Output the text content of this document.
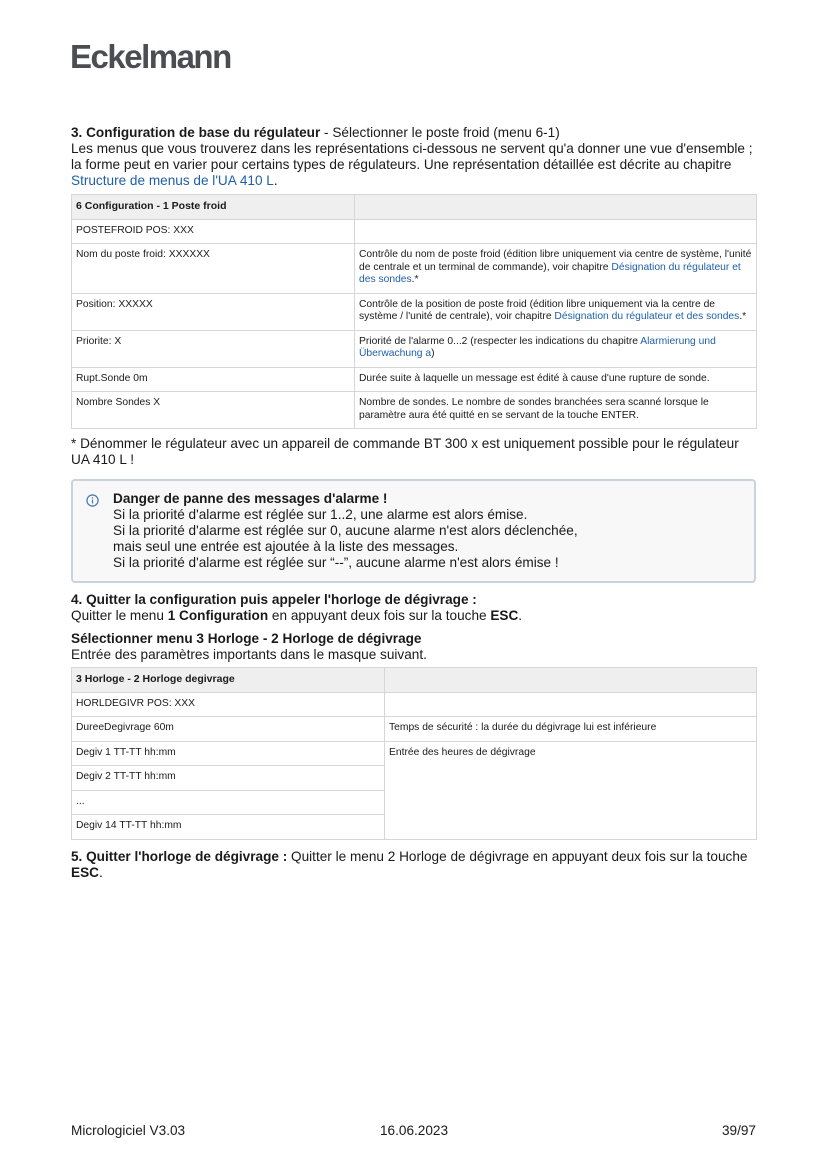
Eckelmann

3. Configuration de base du régulateur - Sélectionner le poste froid (menu 6-1)
Les menus que vous trouverez dans les représentations ci-dessous ne servent qu'a donner une vue d'ensemble ; la forme peut en varier pour certains types de régulateurs. Une représentation détaillée est décrite au chapitre Structure de menus de l'UA 410 L.

6 Configuration - 1 Poste froid	
POSTEFROID POS: XXX	
Nom du poste froid: XXXXXX	Contrôle du nom de poste froid (édition libre uniquement via centre de système, l'unité de centrale et un terminal de commande), voir chapitre Désignation du régulateur et des sondes.*
Position: XXXXX	Contrôle de la position de poste froid (édition libre uniquement via la centre de système / l'unité de centrale), voir chapitre Désignation du régulateur et des sondes.*
Priorite: X	Priorité de l'alarme 0...2 (respecter les indications du chapitre Alarmierung und Überwachung a)
Rupt.Sonde 0m	Durée suite à laquelle un message est édité à cause d'une rupture de sonde.
Nombre Sondes X	Nombre de sondes. Le nombre de sondes branchées sera scanné lorsque le paramètre aura été quitté en se servant de la touche ENTER.

* Dénommer le régulateur avec un appareil de commande BT 300 x est uniquement possible pour le régulateur UA 410 L !

Danger de panne des messages d'alarme !
Si la priorité d'alarme est réglée sur 1..2, une alarme est alors émise.
Si la priorité d'alarme est réglée sur 0, aucune alarme n'est alors déclenchée,
mais seul une entrée est ajoutée à la liste des messages.
Si la priorité d'alarme est réglée sur “--”, aucune alarme n'est alors émise !

4. Quitter la configuration puis appeler l'horloge de dégivrage :
Quitter le menu 1 Configuration en appuyant deux fois sur la touche ESC.

Sélectionner menu 3 Horloge - 2 Horloge de dégivrage
Entrée des paramètres importants dans le masque suivant.

3 Horloge - 2 Horloge degivrage	
HORLDEGIVR POS: XXX	
DureeDegivrage 60m	Temps de sécurité : la durée du dégivrage lui est inférieure
Degiv 1 TT-TT hh:mm	Entrée des heures de dégivrage
Degiv 2 TT-TT hh:mm	
...	
Degiv 14 TT-TT hh:mm	

5. Quitter l'horloge de dégivrage : Quitter le menu 2 Horloge de dégivrage en appuyant deux fois sur la touche ESC.

Micrologiciel V3.03	16.06.2023	39/97
